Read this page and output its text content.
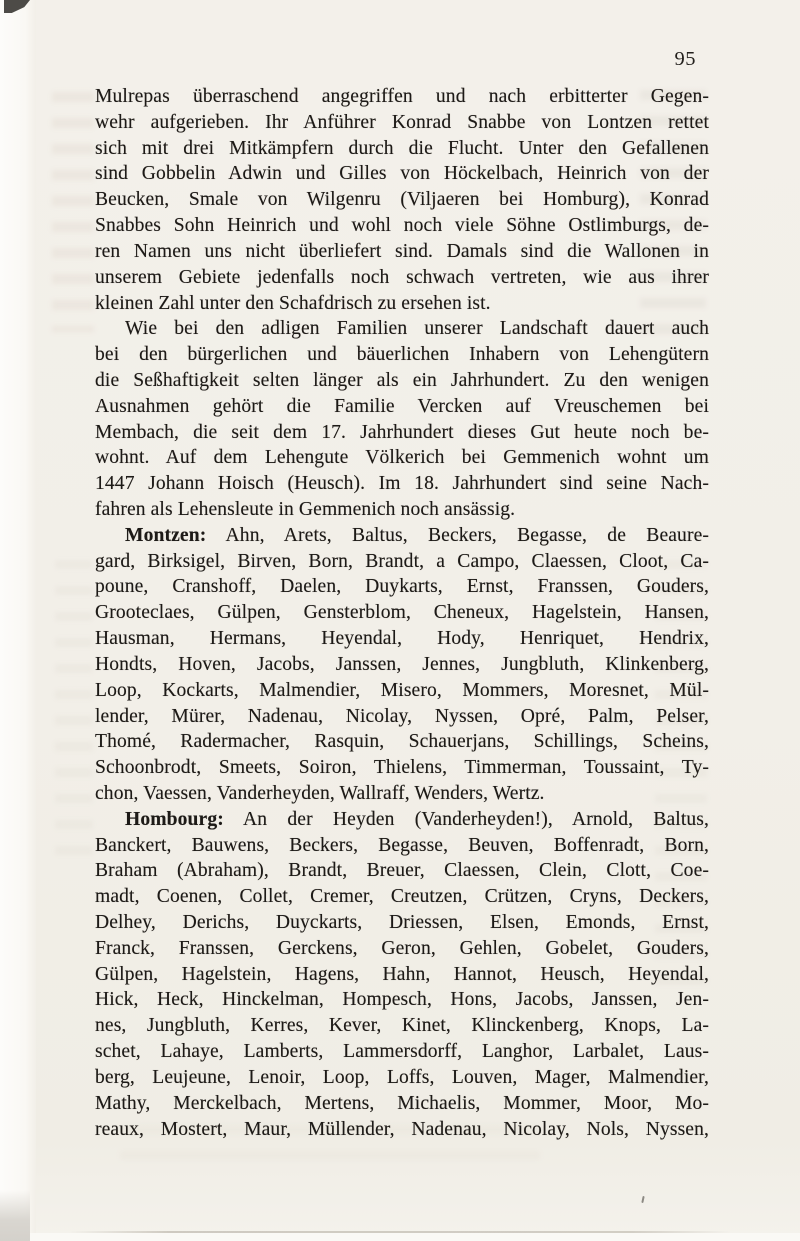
95
Mulrepas überraschend angegriffen und nach erbitterter Gegen-
wehr aufgerieben. Ihr Anführer Konrad Snabbe von Lontzen rettet
sich mit drei Mitkämpfern durch die Flucht. Unter den Gefallenen
sind Gobbelin Adwin und Gilles von Höckelbach, Heinrich von der
Beucken, Smale von Wilgenru (Viljaeren bei Homburg), Konrad
Snabbes Sohn Heinrich und wohl noch viele Söhne Ostlimburgs, de-
ren Namen uns nicht überliefert sind. Damals sind die Wallonen in
unserem Gebiete jedenfalls noch schwach vertreten, wie aus ihrer
kleinen Zahl unter den Schafdrisch zu ersehen ist.
Wie bei den adligen Familien unserer Landschaft dauert auch
bei den bürgerlichen und bäuerlichen Inhabern von Lehengütern
die Seßhaftigkeit selten länger als ein Jahrhundert. Zu den wenigen
Ausnahmen gehört die Familie Vercken auf Vreuschemen bei
Membach, die seit dem 17. Jahrhundert dieses Gut heute noch be-
wohnt. Auf dem Lehengute Völkerich bei Gemmenich wohnt um
1447 Johann Hoisch (Heusch). Im 18. Jahrhundert sind seine Nach-
fahren als Lehensleute in Gemmenich noch ansässig.
Montzen: Ahn, Arets, Baltus, Beckers, Begasse, de Beaure-
gard, Birksigel, Birven, Born, Brandt, a Campo, Claessen, Cloot, Ca-
poune, Cranshoff, Daelen, Duykarts, Ernst, Franssen, Gouders,
Grooteclaes, Gülpen, Gensterblom, Cheneux, Hagelstein, Hansen,
Hausman, Hermans, Heyendal, Hody, Henriquet, Hendrix,
Hondts, Hoven, Jacobs, Janssen, Jennes, Jungbluth, Klinkenberg,
Loop, Kockarts, Malmendier, Misero, Mommers, Moresnet, Mül-
lender, Mürer, Nadenau, Nicolay, Nyssen, Opré, Palm, Pelser,
Thomé, Radermacher, Rasquin, Schauerjans, Schillings, Scheins,
Schoonbrodt, Smeets, Soiron, Thielens, Timmerman, Toussaint, Ty-
chon, Vaessen, Vanderheyden, Wallraff, Wenders, Wertz.
Hombourg: An der Heyden (Vanderheyden!), Arnold, Baltus,
Banckert, Bauwens, Beckers, Begasse, Beuven, Boffenradt, Born,
Braham (Abraham), Brandt, Breuer, Claessen, Clein, Clott, Coe-
madt, Coenen, Collet, Cremer, Creutzen, Crützen, Cryns, Deckers,
Delhey, Derichs, Duyckarts, Driessen, Elsen, Emonds, Ernst,
Franck, Franssen, Gerckens, Geron, Gehlen, Gobelet, Gouders,
Gülpen, Hagelstein, Hagens, Hahn, Hannot, Heusch, Heyendal,
Hick, Heck, Hinckelman, Hompesch, Hons, Jacobs, Janssen, Jen-
nes, Jungbluth, Kerres, Kever, Kinet, Klinckenberg, Knops, La-
schet, Lahaye, Lamberts, Lammersdorff, Langhor, Larbalet, Laus-
berg, Leujeune, Lenoir, Loop, Loffs, Louven, Mager, Malmendier,
Mathy, Merckelbach, Mertens, Michaelis, Mommer, Moor, Mo-
reaux, Mostert, Maur, Müllender, Nadenau, Nicolay, Nols, Nyssen,
